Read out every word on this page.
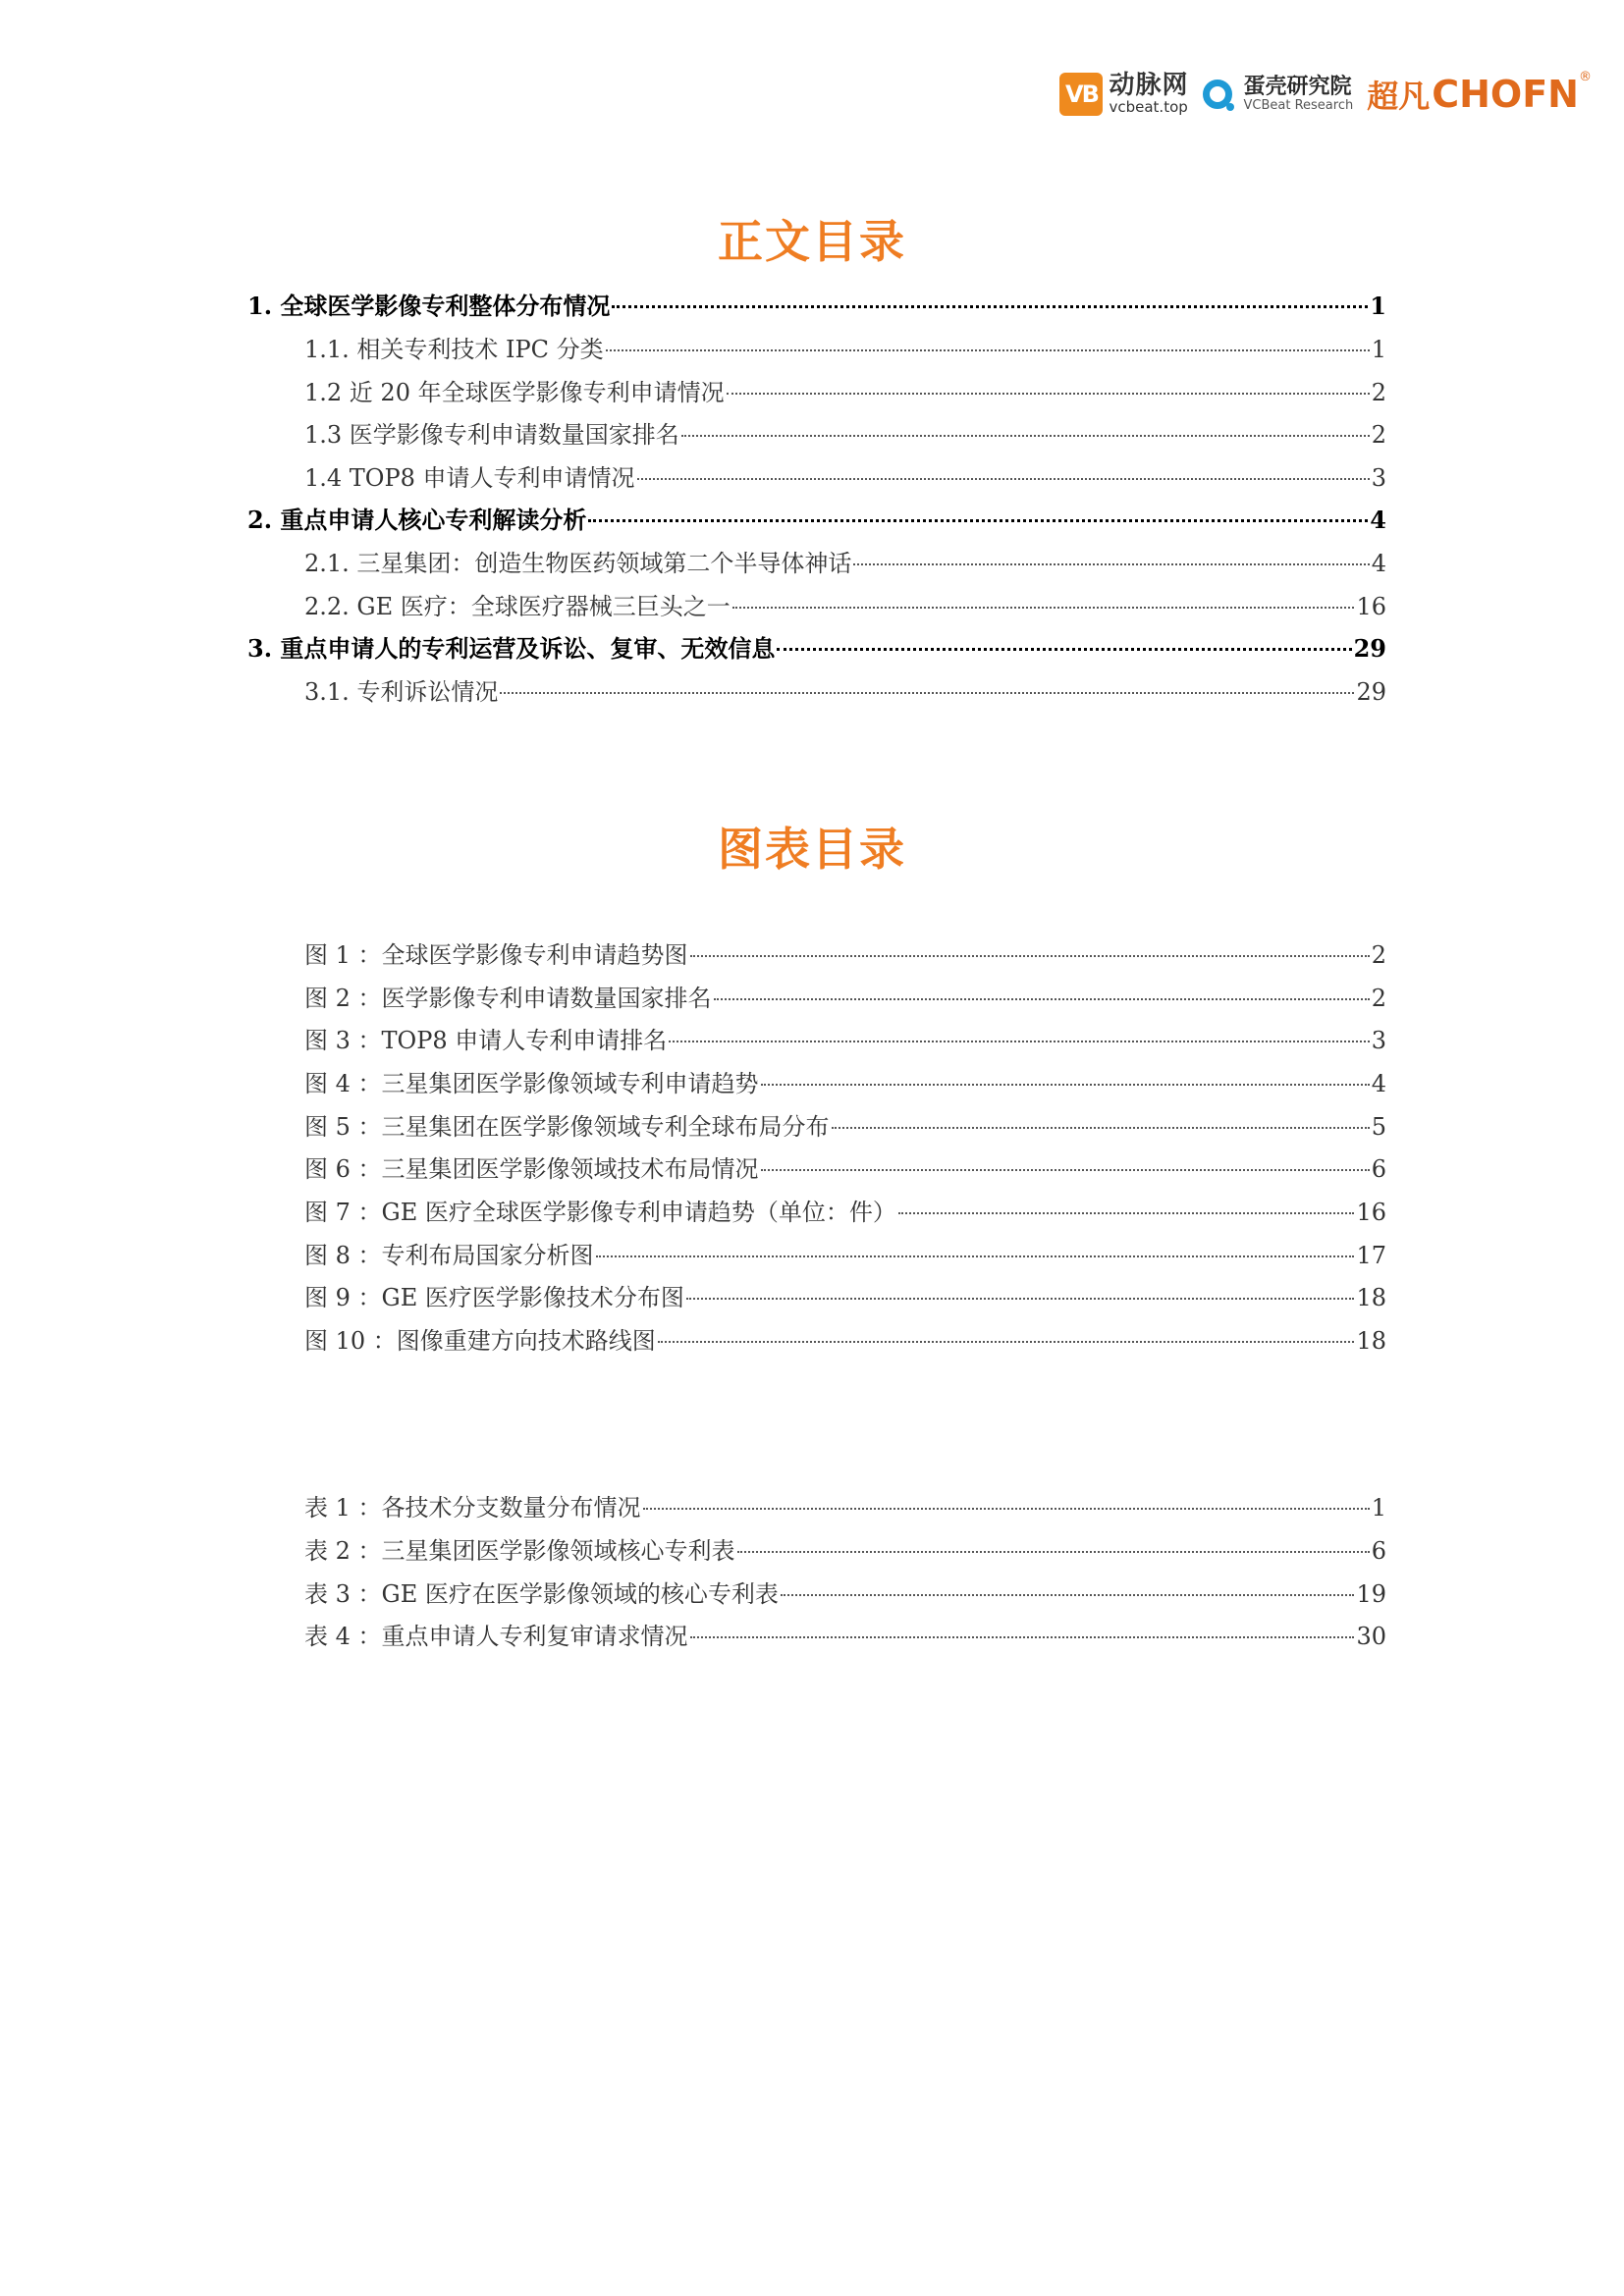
VB 动脉网
vcbeat.top
蛋壳研究院
VCBeat Research 超凡 CHOFN ®
正文目录
1. 全球医学影像专利整体分布情况	1
1.1. 相关专利技术 IPC 分类	1
1.2 近 20 年全球医学影像专利申请情况	2
1.3 医学影像专利申请数量国家排名	2
1.4 TOP8 申请人专利申请情况	3
2. 重点申请人核心专利解读分析	4
2.1. 三星集团：创造生物医药领域第二个半导体神话	4
2.2. GE 医疗：全球医疗器械三巨头之一	16
3. 重点申请人的专利运营及诉讼、复审、无效信息	29
3.1. 专利诉讼情况	29
图表目录
图 1 ：全球医学影像专利申请趋势图	2
图 2 ：医学影像专利申请数量国家排名	2
图 3 ：TOP8 申请人专利申请排名	3
图 4 ：三星集团医学影像领域专利申请趋势	4
图 5 ：三星集团在医学影像领域专利全球布局分布	5
图 6 ：三星集团医学影像领域技术布局情况	6
图 7 ：GE 医疗全球医学影像专利申请趋势（单位：件）	16
图 8 ：专利布局国家分析图	17
图 9 ：GE 医疗医学影像技术分布图	18
图 10 ：图像重建方向技术路线图	18
表 1 ：各技术分支数量分布情况	1
表 2 ：三星集团医学影像领域核心专利表	6
表 3 ：GE 医疗在医学影像领域的核心专利表	19
表 4 ：重点申请人专利复审请求情况	30
